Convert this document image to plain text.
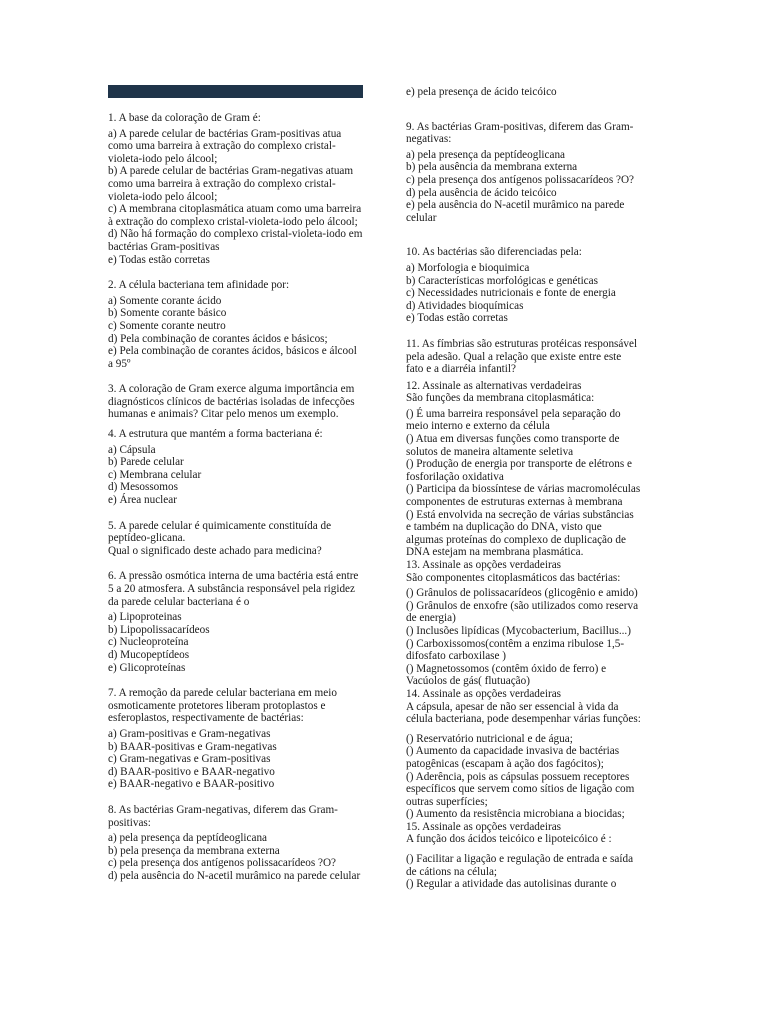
1. A base da coloração de Gram é:

a) A parede celular de bactérias Gram-positivas atua como uma barreira à extração do complexo cristal-violeta-iodo pelo álcool;

b) A parede celular de bactérias Gram-negativas atuam como uma barreira à extração do complexo cristal-violeta-iodo pelo álcool;

c) A membrana citoplasmática atuam como uma barreira à extração do complexo cristal-violeta-iodo pelo álcool;

d) Não há formação do complexo cristal-violeta-iodo em bactérias Gram-positivas

e) Todas estão corretas

2. A célula bacteriana tem afinidade por:

a) Somente corante ácido

b) Somente corante básico

c) Somente corante neutro

d) Pela combinação de corantes ácidos e básicos;

e) Pela combinação de corantes ácidos, básicos e álcool a 95º

3. A coloração de Gram exerce alguma importância em diagnósticos clínicos de bactérias isoladas de infecções humanas e animais? Citar pelo menos um exemplo.

4. A estrutura que mantém a forma bacteriana é:

a) Cápsula

b) Parede celular

c) Membrana celular

d) Mesossomos

e) Área nuclear

5. A parede celular é quimicamente constituída de peptídeo-glicana.

Qual o significado deste achado para medicina?

6. A pressão osmótica interna de uma bactéria está entre 5 a 20 atmosfera. A substância responsável pela rigidez da parede celular bacteriana é o

a) Lipoproteinas

b) Lipopolissacarídeos

c) Nucleoproteína

d) Mucopeptídeos

e) Glicoproteínas

7. A remoção da parede celular bacteriana em meio osmoticamente protetores liberam protoplastos e esferoplastos, respectivamente de bactérias:

a) Gram-positivas e Gram-negativas

b) BAAR-positivas e Gram-negativas

c) Gram-negativas e Gram-positivas

d) BAAR-positivo e BAAR-negativo

e) BAAR-negativo e BAAR-positivo

8. As bactérias Gram-negativas, diferem das Gram-positivas:

a) pela presença da peptídeoglicana

b) pela presença da membrana externa

c) pela presença dos antígenos polissacarídeos ?O?

d) pela ausência do N-acetil murâmico na parede celular

e) pela presença de ácido teicóico

9. As bactérias Gram-positivas, diferem das Gram-negativas:

a) pela presença da peptídeoglicana

b) pela ausência da membrana externa

c) pela presença dos antígenos polissacarídeos ?O?

d) pela ausência de ácido teicóico

e) pela ausência do N-acetil murâmico na parede celular

10. As bactérias são diferenciadas pela:

a) Morfologia e bioquimica

b) Características morfológicas e genéticas

c) Necessidades nutricionais e fonte de energia

d) Atividades bioquímicas

e) Todas estão corretas

11. As fímbrias são estruturas protéicas responsável pela adesão. Qual a relação que existe entre este fato e a diarréia infantil?

12. Assinale as alternativas verdadeiras

São funções da membrana citoplasmática:

() É uma barreira responsável pela separação do meio interno e externo da célula

() Atua em diversas funções como transporte de solutos de maneira altamente seletiva

() Produção de energia por transporte de elétrons e fosforilação oxidativa

() Participa da biossíntese de várias macromoléculas componentes de estruturas externas à membrana

() Está envolvida na secreção de várias substâncias e também na duplicação do DNA, visto que algumas proteínas do complexo de duplicação de DNA estejam na membrana plasmática.

13. Assinale as opções verdadeiras

São componentes citoplasmáticos das bactérias:

() Grânulos de polissacarídeos (glicogênio e amido)

() Grânulos de enxofre (são utilizados como reserva de energia)

() Inclusões lipídicas (Mycobacterium, Bacillus...)

() Carboxissomos(contêm a enzima ribulose 1,5-difosfato carboxilase )

() Magnetossomos (contêm óxido de ferro) e Vacúolos de gás( flutuação)

14. Assinale as opções verdadeiras

A cápsula, apesar de não ser essencial à vida da célula bacteriana, pode desempenhar várias funções:

() Reservatório nutricional e de água;

() Aumento da capacidade invasiva de bactérias patogênicas (escapam à ação dos fagócitos);

() Aderência, pois as cápsulas possuem receptores específicos que servem como sítios de ligação com outras superfícies;

() Aumento da resistência microbiana a biocidas;

15. Assinale as opções verdadeiras

A função dos ácidos teicóico e lipoteicóico é :

() Facilitar a ligação e regulação de entrada e saída de cátions na célula;

() Regular a atividade das autolisinas durante o
